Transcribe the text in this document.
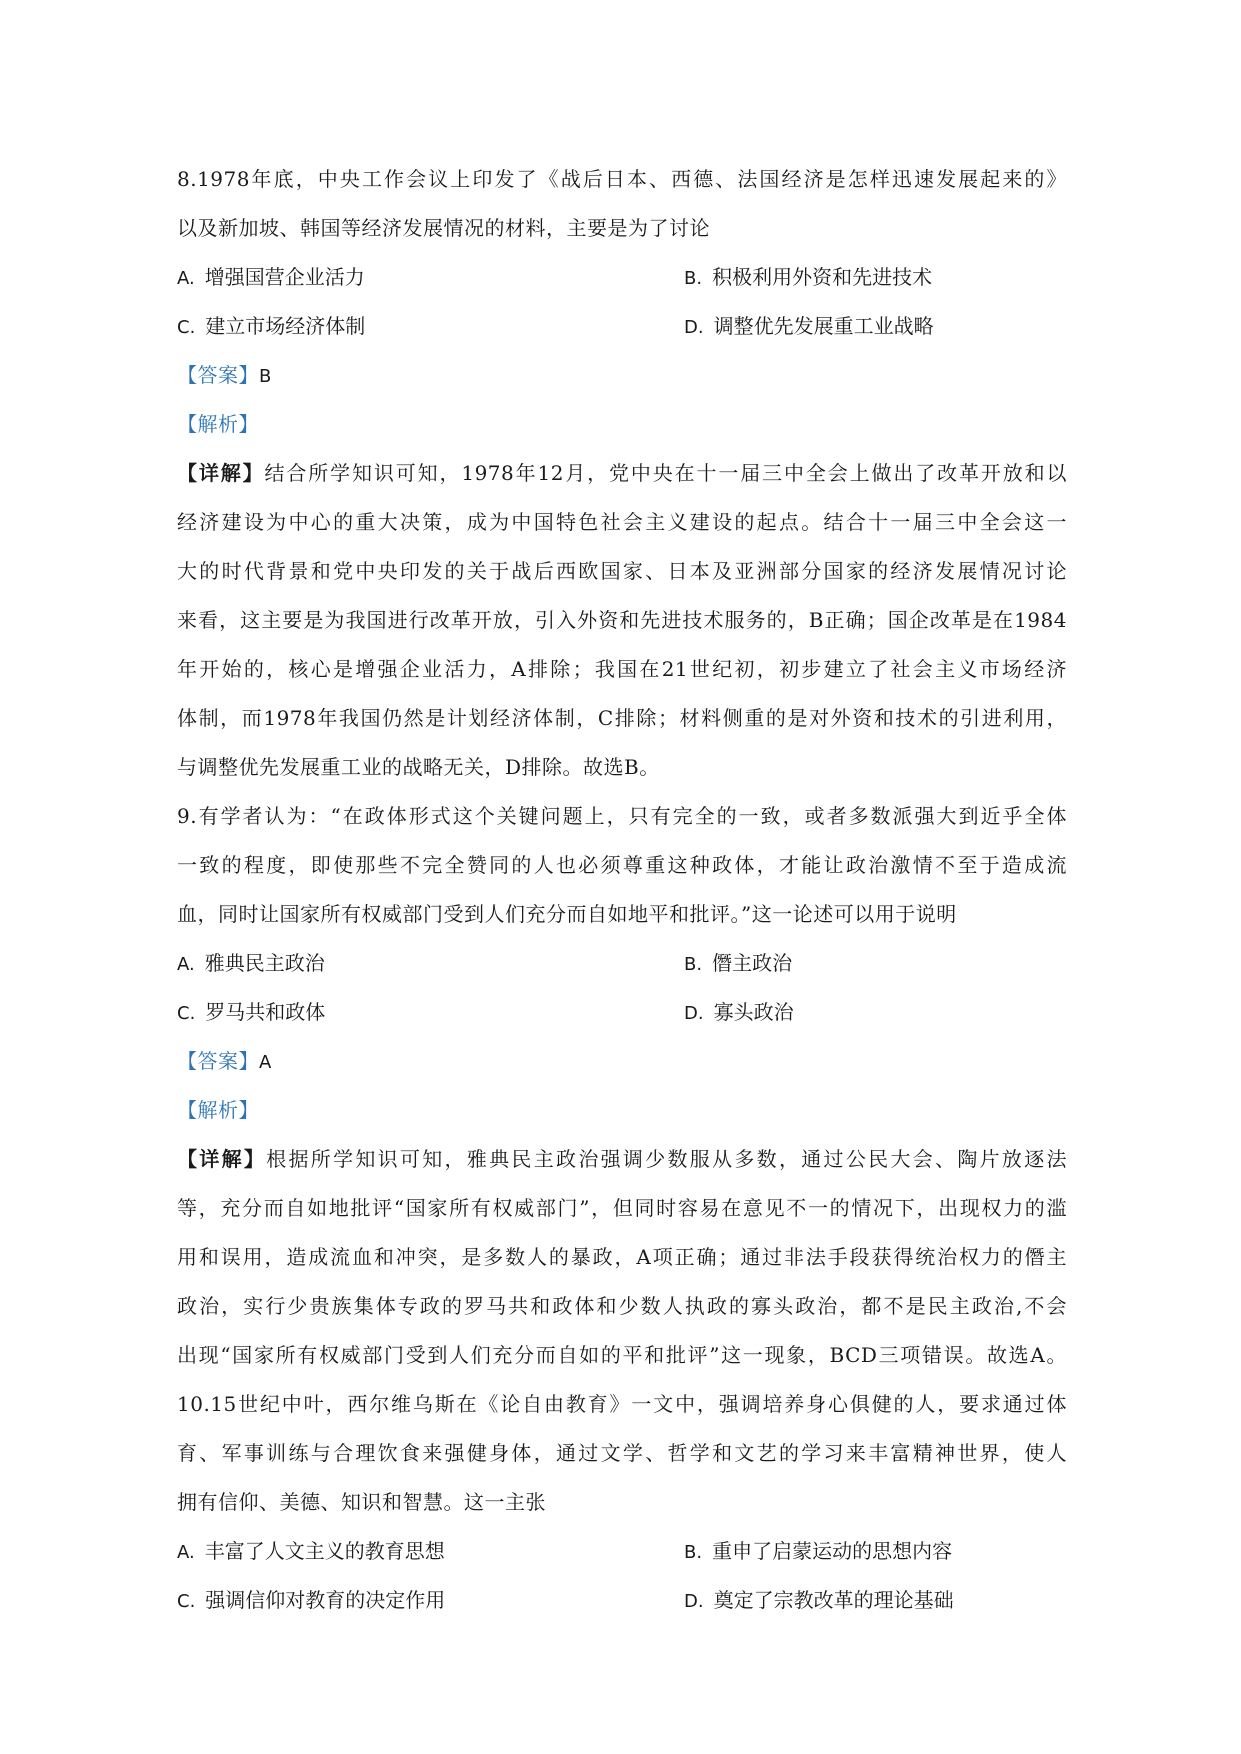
8.1978年底，中央工作会议上印发了《战后日本、西德、法国经济是怎样迅速发展起来的》
以及新加坡、韩国等经济发展情况的材料，主要是为了讨论
A. 增强国营企业活力	B. 积极利用外资和先进技术
C. 建立市场经济体制	D. 调整优先发展重工业战略
【答案】B
【解析】
【详解】结合所学知识可知，1978年12月，党中央在十一届三中全会上做出了改革开放和以
经济建设为中心的重大决策，成为中国特色社会主义建设的起点。结合十一届三中全会这一
大的时代背景和党中央印发的关于战后西欧国家、日本及亚洲部分国家的经济发展情况讨论
来看，这主要是为我国进行改革开放，引入外资和先进技术服务的，B正确；国企改革是在1984
年开始的，核心是增强企业活力，A排除；我国在21世纪初，初步建立了社会主义市场经济
体制，而1978年我国仍然是计划经济体制，C排除；材料侧重的是对外资和技术的引进利用，
与调整优先发展重工业的战略无关，D排除。故选B。
9.有学者认为：“在政体形式这个关键问题上，只有完全的一致，或者多数派强大到近乎全体
一致的程度，即使那些不完全赞同的人也必须尊重这种政体，才能让政治激情不至于造成流
血，同时让国家所有权威部门受到人们充分而自如地平和批评。”这一论述可以用于说明
A. 雅典民主政治	B. 僭主政治
C. 罗马共和政体	D. 寡头政治
【答案】A
【解析】
【详解】根据所学知识可知，雅典民主政治强调少数服从多数，通过公民大会、陶片放逐法
等，充分而自如地批评“国家所有权威部门”，但同时容易在意见不一的情况下，出现权力的滥
用和误用，造成流血和冲突，是多数人的暴政，A项正确；通过非法手段获得统治权力的僭主
政治，实行少贵族集体专政的罗马共和政体和少数人执政的寡头政治，都不是民主政治,不会
出现“国家所有权威部门受到人们充分而自如的平和批评”这一现象，BCD三项错误。故选A。
10.15世纪中叶，西尔维乌斯在《论自由教育》一文中，强调培养身心俱健的人，要求通过体
育、军事训练与合理饮食来强健身体，通过文学、哲学和文艺的学习来丰富精神世界，使人
拥有信仰、美德、知识和智慧。这一主张
A. 丰富了人文主义的教育思想	B. 重申了启蒙运动的思想内容
C. 强调信仰对教育的决定作用	D. 奠定了宗教改革的理论基础
